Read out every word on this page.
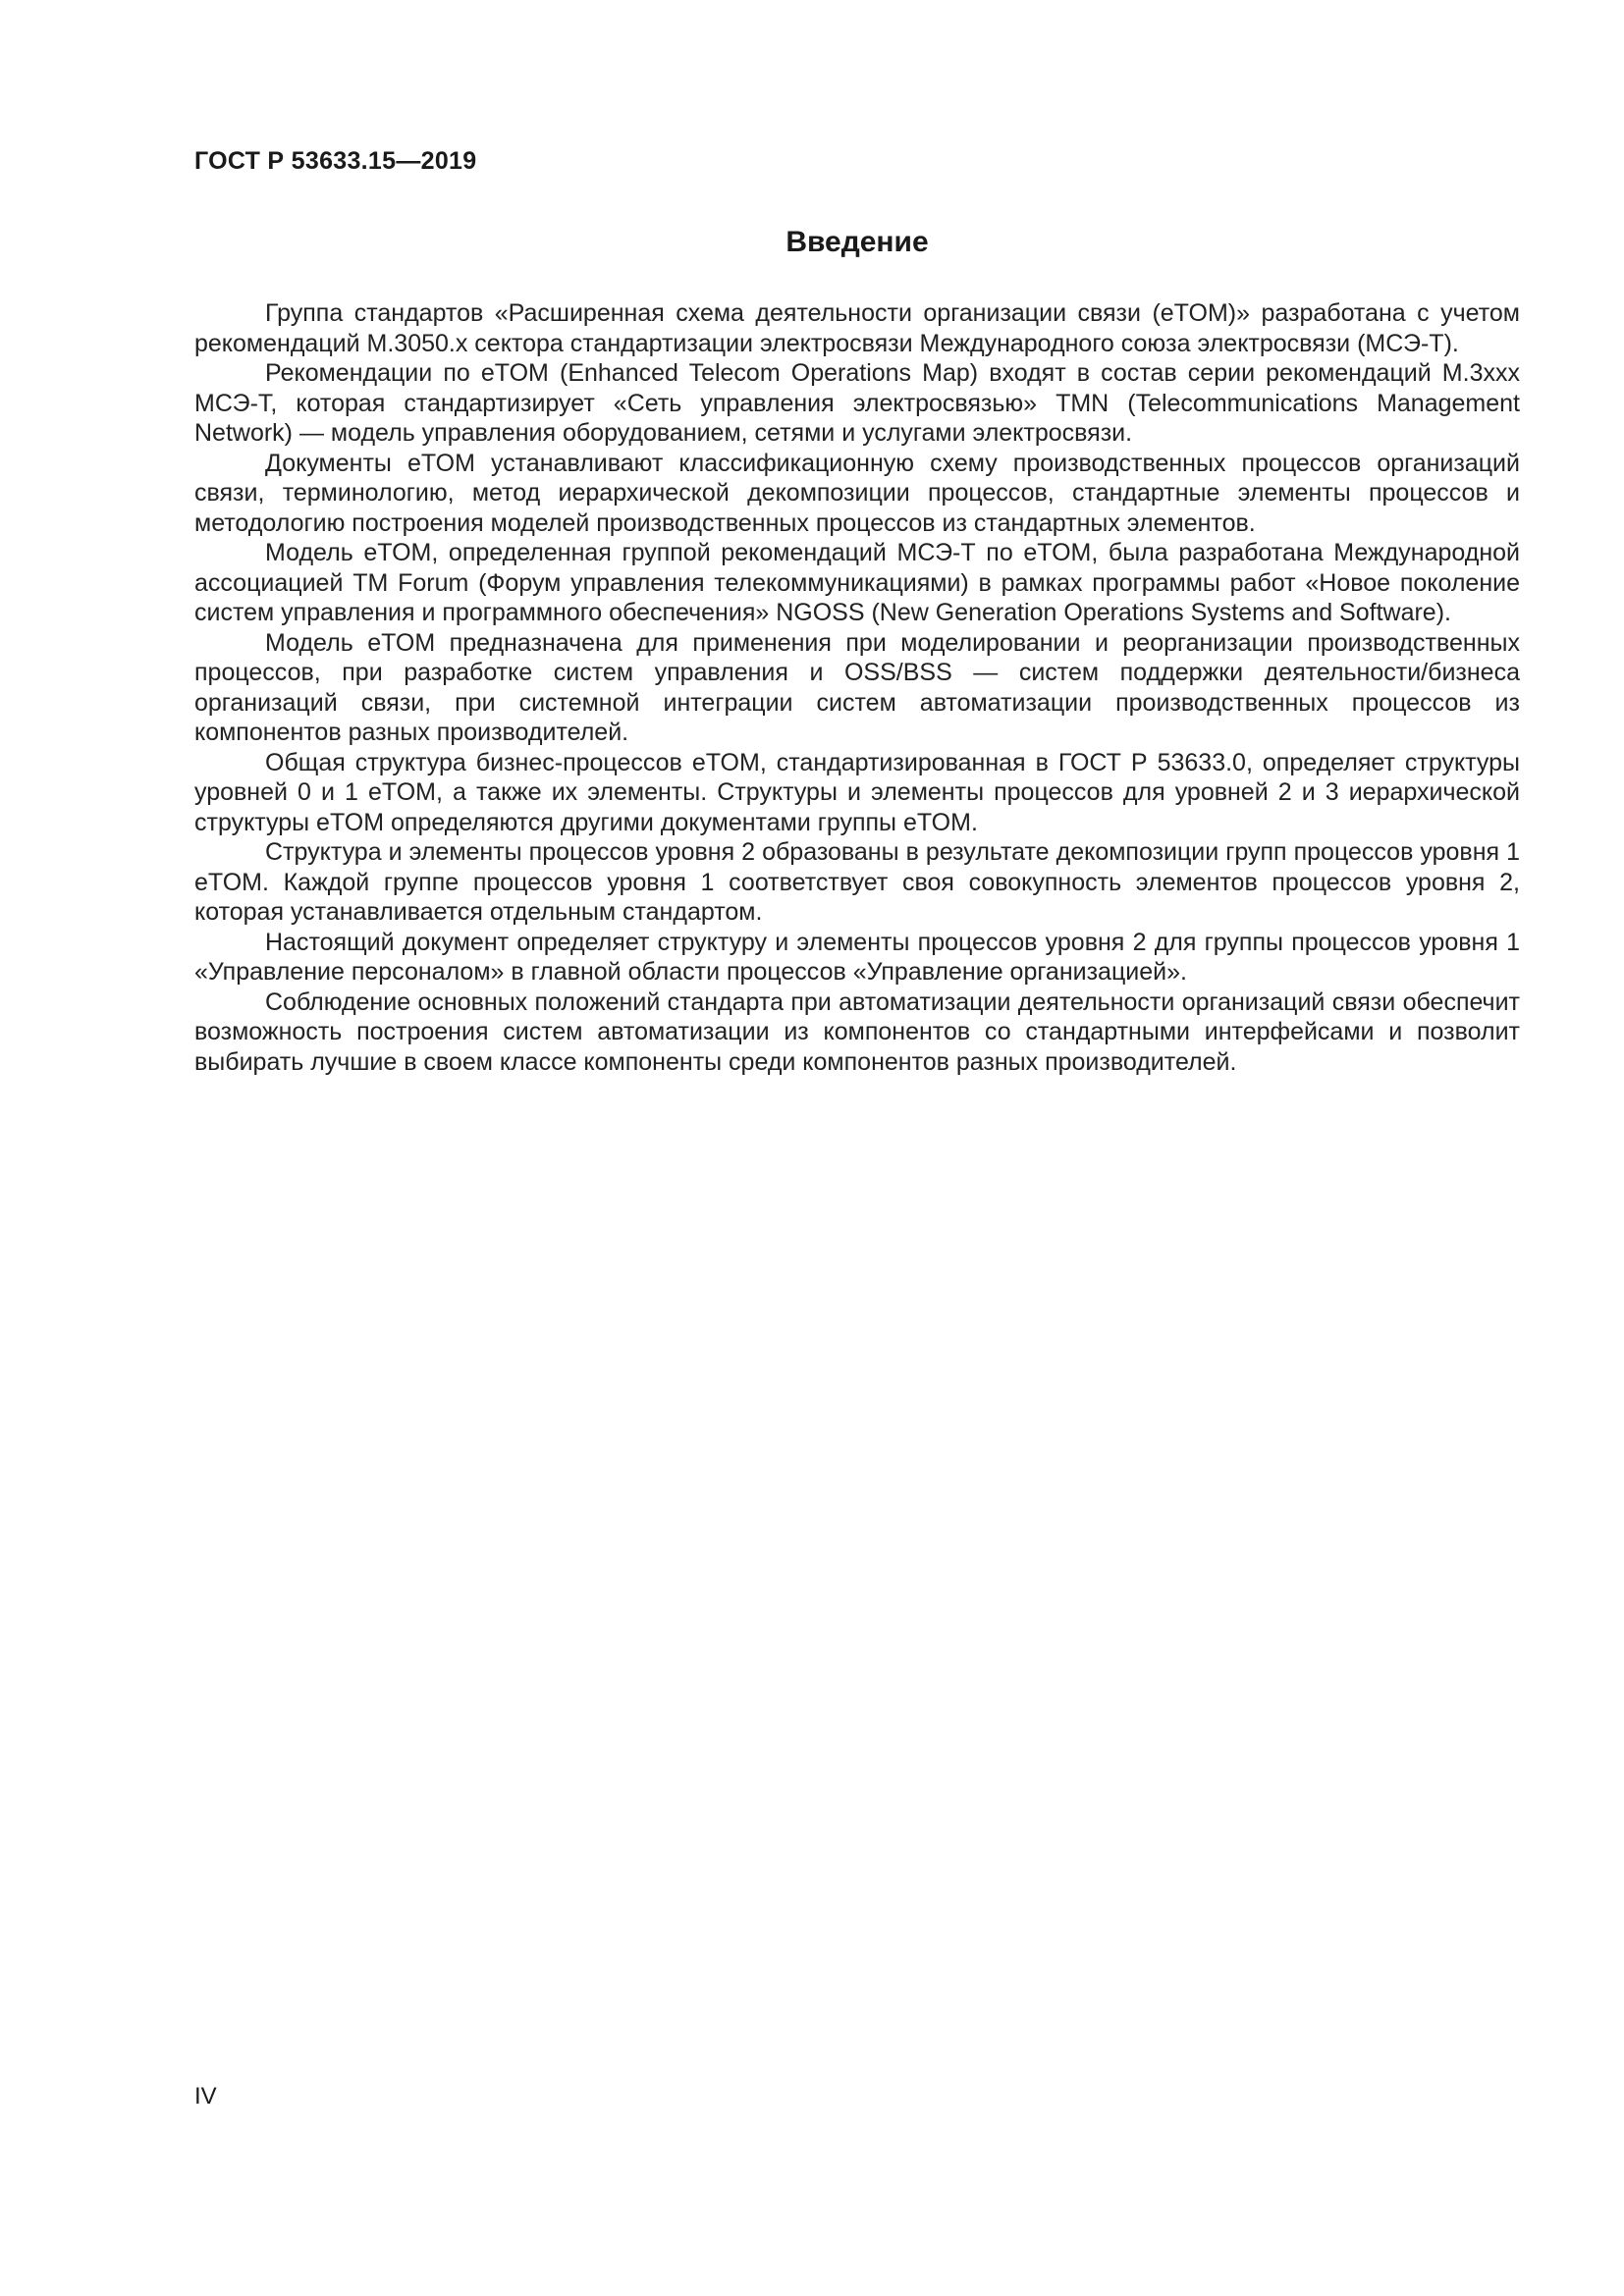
ГОСТ Р 53633.15—2019
Введение

Группа стандартов «Расширенная схема деятельности организации связи (eTOM)» разработана с учетом рекомендаций М.3050.х сектора стандартизации электросвязи Международного союза электросвязи (МСЭ-Т).

Рекомендации по eTOM (Enhanced Telecom Operations Map) входят в состав серии рекомендаций М.3ххх МСЭ-Т, которая стандартизирует «Сеть управления электросвязью» TMN (Telecommunications Management Network) — модель управления оборудованием, сетями и услугами электросвязи.

Документы eTOM устанавливают классификационную схему производственных процессов организаций связи, терминологию, метод иерархической декомпозиции процессов, стандартные элементы процессов и методологию построения моделей производственных процессов из стандартных элементов.

Модель eTOM, определенная группой рекомендаций МСЭ-Т по eTOM, была разработана Международной ассоциацией TM Forum (Форум управления телекоммуникациями) в рамках программы работ «Новое поколение систем управления и программного обеспечения» NGOSS (New Generation Operations Systems and Software).

Модель eTOM предназначена для применения при моделировании и реорганизации производственных процессов, при разработке систем управления и OSS/BSS — систем поддержки деятельности/бизнеса организаций связи, при системной интеграции систем автоматизации производственных процессов из компонентов разных производителей.

Общая структура бизнес-процессов eTOM, стандартизированная в ГОСТ Р 53633.0, определяет структуры уровней 0 и 1 eTOM, а также их элементы. Структуры и элементы процессов для уровней 2 и 3 иерархической структуры eTOM определяются другими документами группы eTOM.

Структура и элементы процессов уровня 2 образованы в результате декомпозиции групп процессов уровня 1 eTOM. Каждой группе процессов уровня 1 соответствует своя совокупность элементов процессов уровня 2, которая устанавливается отдельным стандартом.

Настоящий документ определяет структуру и элементы процессов уровня 2 для группы процессов уровня 1 «Управление персоналом» в главной области процессов «Управление организацией».

Соблюдение основных положений стандарта при автоматизации деятельности организаций связи обеспечит возможность построения систем автоматизации из компонентов со стандартными интерфейсами и позволит выбирать лучшие в своем классе компоненты среди компонентов разных производителей.

IV
